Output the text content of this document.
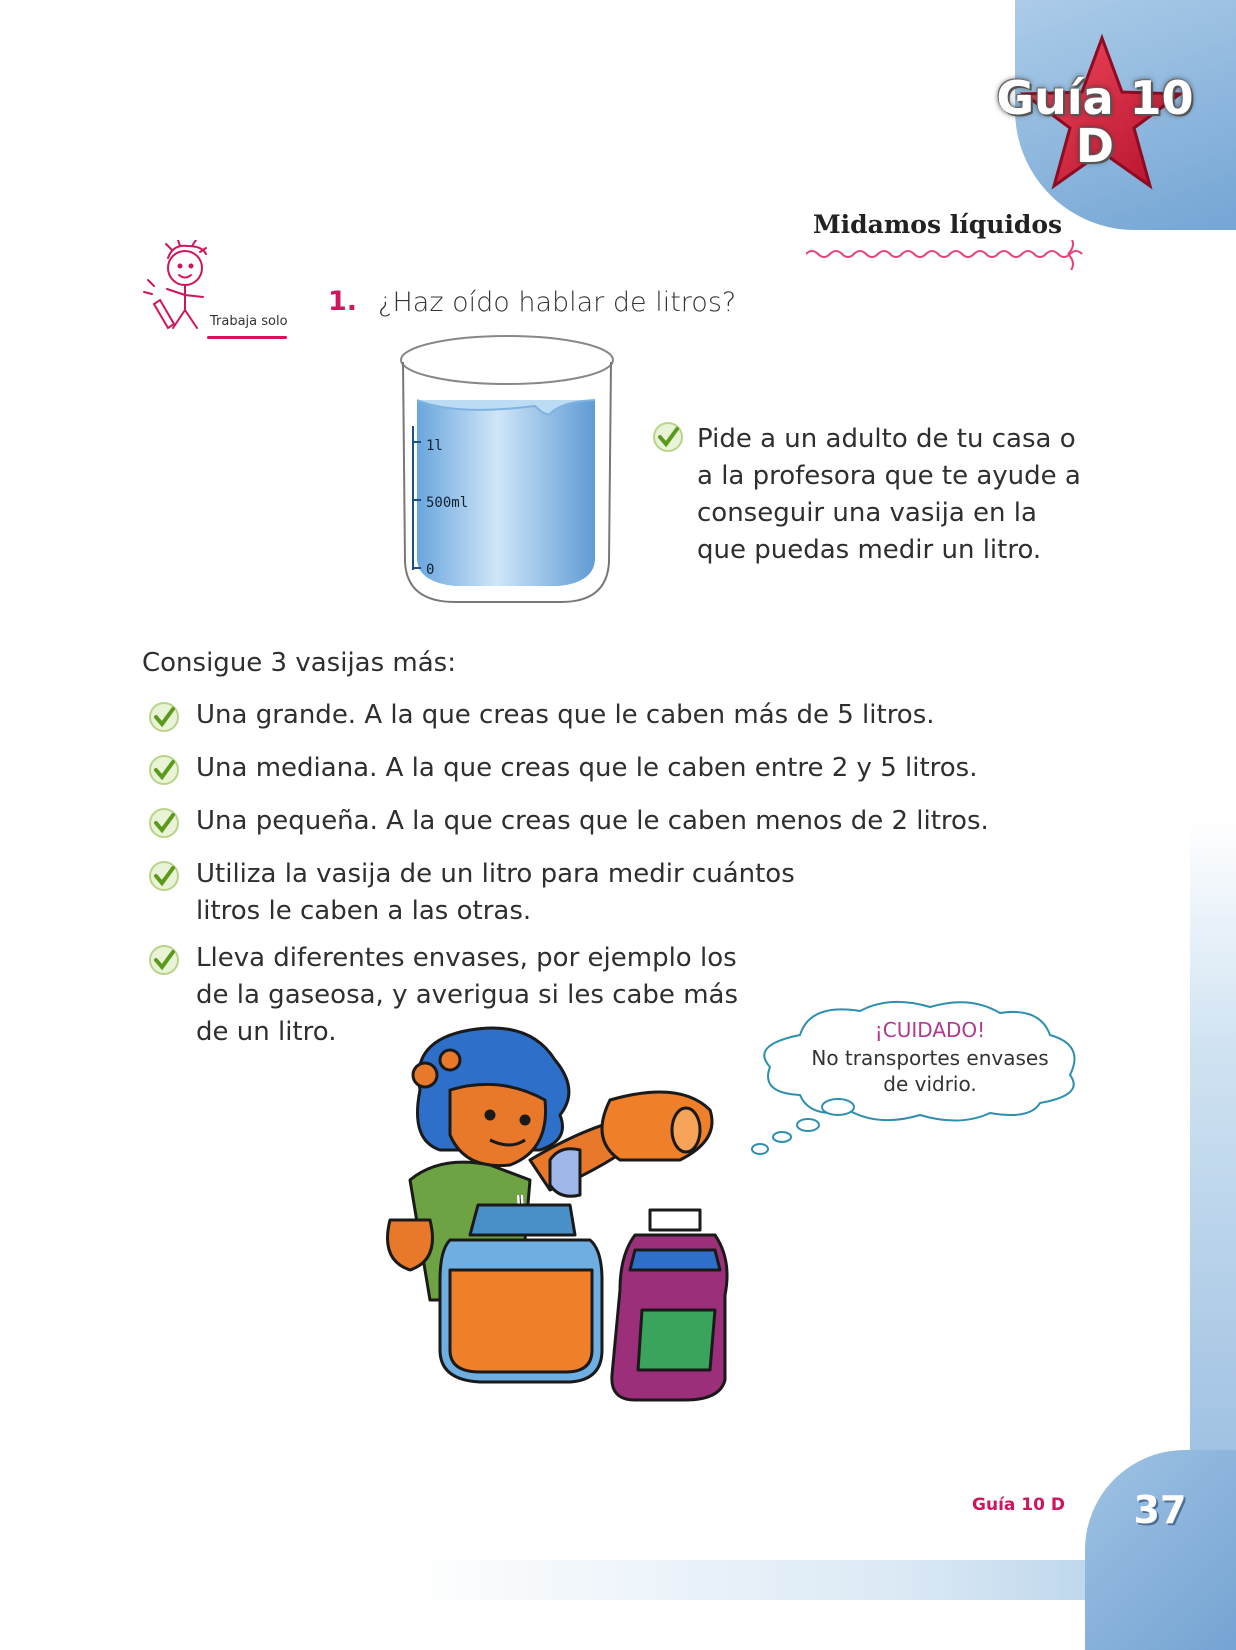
Guía 10
D
Midamos líquidos
Trabaja solo
1. ¿Haz oído hablar de litros?
1l
500ml
0
Pide a un adulto de tu casa o a la profesora que te ayude a conseguir una vasija en la que puedas medir un litro.
Consigue 3 vasijas más:
Una grande. A la que creas que le caben más de 5 litros.
Una mediana. A la que creas que le caben entre 2 y 5 litros.
Una pequeña. A la que creas que le caben menos de 2 litros.
Utiliza la vasija de un litro para medir cuántos litros le caben a las otras.
Lleva diferentes envases, por ejemplo los de la gaseosa, y averigua si les cabe más de un litro.	¡CUIDADO!
No transportes envases de vidrio.
Guía 10 D	37
